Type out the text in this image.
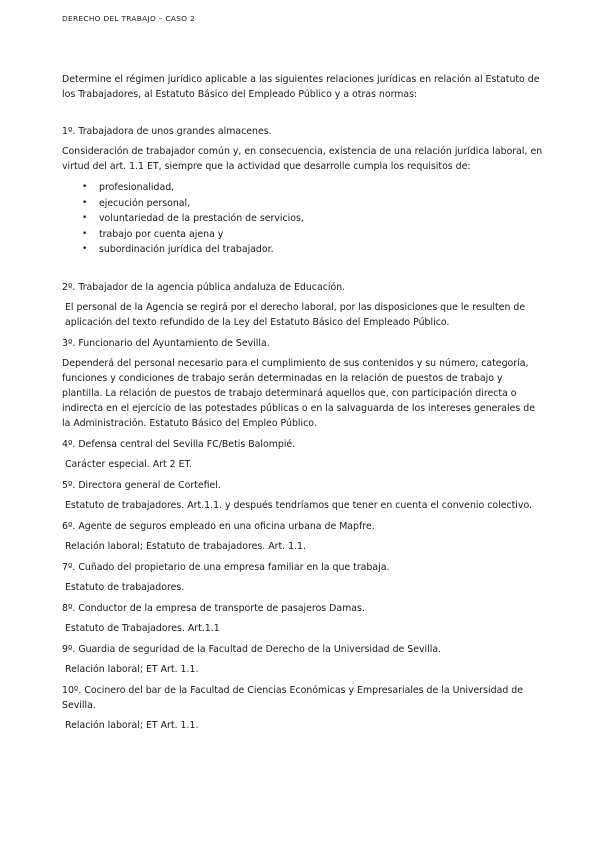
DERECHO DEL TRABAJO – CASO 2

Determine el régimen jurídico aplicable a las siguientes relaciones jurídicas en relación al Estatuto de los Trabajadores, al Estatuto Básico del Empleado Público y a otras normas:

1º. Trabajadora de unos grandes almacenes.

Consideración de trabajador común y, en consecuencia, existencia de una relación jurídica laboral, en virtud del art. 1.1 ET, siempre que la actividad que desarrolle cumpla los requisitos de:

• profesionalidad,
• ejecución personal,
• voluntariedad de la prestación de servicios,
• trabajo por cuenta ajena y
• subordinación jurídica del trabajador.

2º. Trabajador de la agencia pública andaluza de Educación.

El personal de la Agencia se regirá por el derecho laboral, por las disposiciones que le resulten de aplicación del texto refundido de la Ley del Estatuto Básico del Empleado Público.

3º. Funcionario del Ayuntamiento de Sevilla.

Dependerá del personal necesario para el cumplimiento de sus contenidos y su número, categoría, funciones y condiciones de trabajo serán determinadas en la relación de puestos de trabajo y plantilla. La relación de puestos de trabajo determinará aquellos que, con participación directa o indirecta en el ejercicio de las potestades públicas o en la salvaguarda de los intereses generales de la Administración. Estatuto Básico del Empleo Público.

4º. Defensa central del Sevilla FC/Betis Balompié.

Carácter especial. Art 2 ET.

5º. Directora general de Cortefiel.

Estatuto de trabajadores. Art.1.1. y después tendríamos que tener en cuenta el convenio colectivo.

6º. Agente de seguros empleado en una oficina urbana de Mapfre.

Relación laboral; Estatuto de trabajadores. Art. 1.1.

7º. Cuñado del propietario de una empresa familiar en la que trabaja.

Estatuto de trabajadores.

8º. Conductor de la empresa de transporte de pasajeros Damas.

Estatuto de Trabajadores. Art.1.1

9º. Guardia de seguridad de la Facultad de Derecho de la Universidad de Sevilla.

Relación laboral; ET Art. 1.1.

10º. Cocinero del bar de la Facultad de Ciencias Económicas y Empresariales de la Universidad de Sevilla.

Relación laboral; ET Art. 1.1.
